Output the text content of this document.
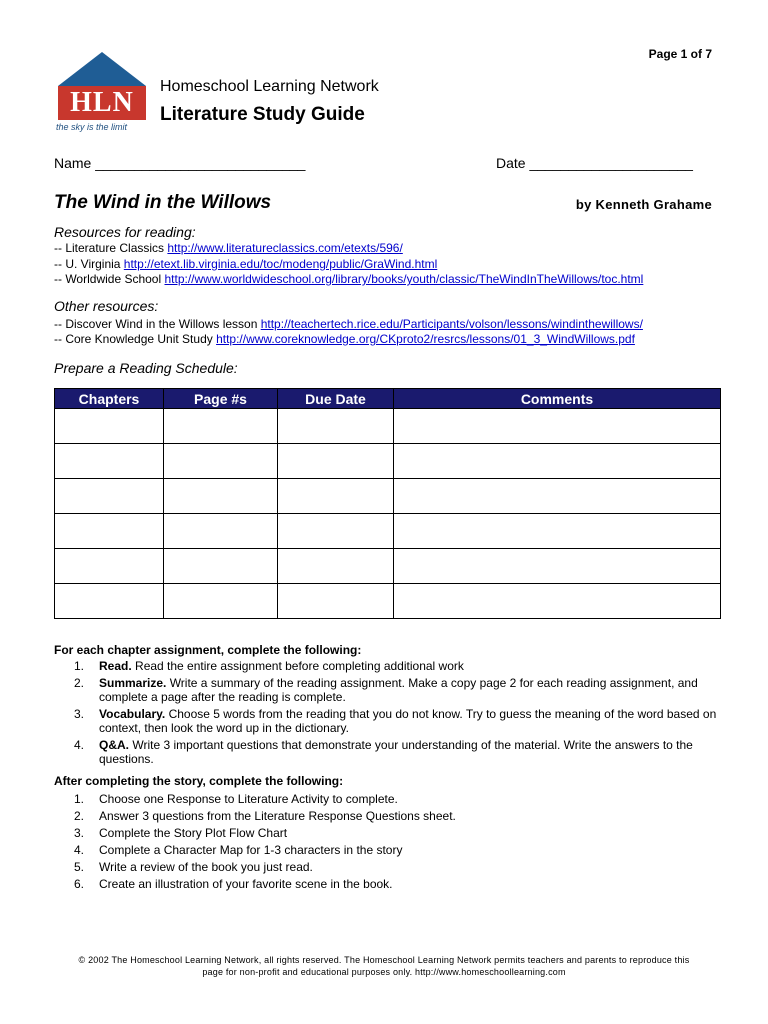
Page 1 of 7
HLN
the sky is the limit
Homeschool Learning Network
Literature Study Guide
Name ___________________________	Date _____________________
The Wind in the Willows	by Kenneth Grahame
Resources for reading:
-- Literature Classics http://www.literatureclassics.com/etexts/596/
-- U. Virginia http://etext.lib.virginia.edu/toc/modeng/public/GraWind.html
-- Worldwide School http://www.worldwideschool.org/library/books/youth/classic/TheWindInTheWillows/toc.html
Other resources:
-- Discover Wind in the Willows lesson http://teachertech.rice.edu/Participants/volson/lessons/windinthewillows/
-- Core Knowledge Unit Study http://www.coreknowledge.org/CKproto2/resrcs/lessons/01_3_WindWillows.pdf
Prepare a Reading Schedule:
Chapters	Page #s	Due Date	Comments

For each chapter assignment, complete the following:
1. Read. Read the entire assignment before completing additional work
2. Summarize. Write a summary of the reading assignment. Make a copy page 2 for each reading assignment, and complete a page after the reading is complete.
3. Vocabulary. Choose 5 words from the reading that you do not know. Try to guess the meaning of the word based on context, then look the word up in the dictionary.
4. Q&A. Write 3 important questions that demonstrate your understanding of the material. Write the answers to the questions.
After completing the story, complete the following:
1. Choose one Response to Literature Activity to complete.
2. Answer 3 questions from the Literature Response Questions sheet.
3. Complete the Story Plot Flow Chart
4. Complete a Character Map for 1-3 characters in the story
5. Write a review of the book you just read.
6. Create an illustration of your favorite scene in the book.
© 2002 The Homeschool Learning Network, all rights reserved. The Homeschool Learning Network permits teachers and parents to reproduce this
page for non-profit and educational purposes only. http://www.homeschoollearning.com
